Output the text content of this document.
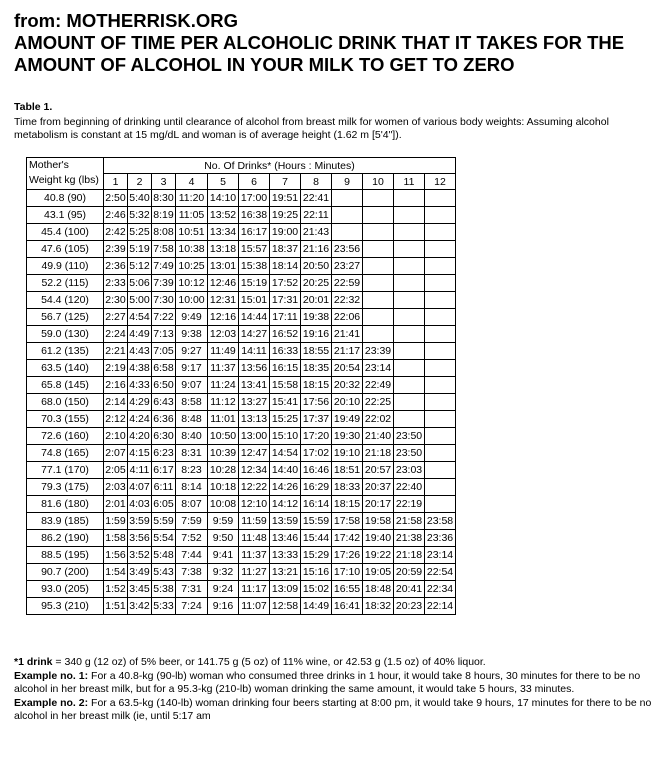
from: MOTHERRISK.ORG
AMOUNT OF TIME PER ALCOHOLIC DRINK THAT IT TAKES FOR THE
AMOUNT OF ALCOHOL IN YOUR MILK TO GET TO ZERO
Table 1.
Time from beginning of drinking until clearance of alcohol from breast milk for women of various body weights: Assuming alcohol metabolism is constant at 15 mg/dL and woman is of average height (1.62 m [5'4"]).
Mother's
Weight kg (lbs)	No. Of Drinks* (Hours : Minutes)											
	1	2	3	4	5	6	7	8	9	10	11	12
40.8 (90)	2:50	5:40	8:30	11:20	14:10	17:00	19:51	22:41				
43.1 (95)	2:46	5:32	8:19	11:05	13:52	16:38	19:25	22:11				
45.4 (100)	2:42	5:25	8:08	10:51	13:34	16:17	19:00	21:43				
47.6 (105)	2:39	5:19	7:58	10:38	13:18	15:57	18:37	21:16	23:56			
49.9 (110)	2:36	5:12	7:49	10:25	13:01	15:38	18:14	20:50	23:27			
52.2 (115)	2:33	5:06	7:39	10:12	12:46	15:19	17:52	20:25	22:59			
54.4 (120)	2:30	5:00	7:30	10:00	12:31	15:01	17:31	20:01	22:32			
56.7 (125)	2:27	4:54	7:22	9:49	12:16	14:44	17:11	19:38	22:06			
59.0 (130)	2:24	4:49	7:13	9:38	12:03	14:27	16:52	19:16	21:41			
61.2 (135)	2:21	4:43	7:05	9:27	11:49	14:11	16:33	18:55	21:17	23:39		
63.5 (140)	2:19	4:38	6:58	9:17	11:37	13:56	16:15	18:35	20:54	23:14		
65.8 (145)	2:16	4:33	6:50	9:07	11:24	13:41	15:58	18:15	20:32	22:49		
68.0 (150)	2:14	4:29	6:43	8:58	11:12	13:27	15:41	17:56	20:10	22:25		
70.3 (155)	2:12	4:24	6:36	8:48	11:01	13:13	15:25	17:37	19:49	22:02		
72.6 (160)	2:10	4:20	6:30	8:40	10:50	13:00	15:10	17:20	19:30	21:40	23:50	
74.8 (165)	2:07	4:15	6:23	8:31	10:39	12:47	14:54	17:02	19:10	21:18	23:50	
77.1 (170)	2:05	4:11	6:17	8:23	10:28	12:34	14:40	16:46	18:51	20:57	23:03	
79.3 (175)	2:03	4:07	6:11	8:14	10:18	12:22	14:26	16:29	18:33	20:37	22:40	
81.6 (180)	2:01	4:03	6:05	8:07	10:08	12:10	14:12	16:14	18:15	20:17	22:19	
83.9 (185)	1:59	3:59	5:59	7:59	9:59	11:59	13:59	15:59	17:58	19:58	21:58	23:58
86.2 (190)	1:58	3:56	5:54	7:52	9:50	11:48	13:46	15:44	17:42	19:40	21:38	23:36
88.5 (195)	1:56	3:52	5:48	7:44	9:41	11:37	13:33	15:29	17:26	19:22	21:18	23:14
90.7 (200)	1:54	3:49	5:43	7:38	9:32	11:27	13:21	15:16	17:10	19:05	20:59	22:54
93.0 (205)	1:52	3:45	5:38	7:31	9:24	11:17	13:09	15:02	16:55	18:48	20:41	22:34
95.3 (210)	1:51	3:42	5:33	7:24	9:16	11:07	12:58	14:49	16:41	18:32	20:23	22:14

*1 drink = 340 g (12 oz) of 5% beer, or 141.75 g (5 oz) of 11% wine, or 42.53 g (1.5 oz) of 40% liquor.

Example no. 1: For a 40.8-kg (90-lb) woman who consumed three drinks in 1 hour, it would take 8 hours, 30 minutes for there to be no alcohol in her breast milk, but for a 95.3-kg (210-lb) woman drinking the same amount, it would take 5 hours, 33 minutes.

Example no. 2: For a 63.5-kg (140-lb) woman drinking four beers starting at 8:00 pm, it would take 9 hours, 17 minutes for there to be no alcohol in her breast milk (ie, until 5:17 am
